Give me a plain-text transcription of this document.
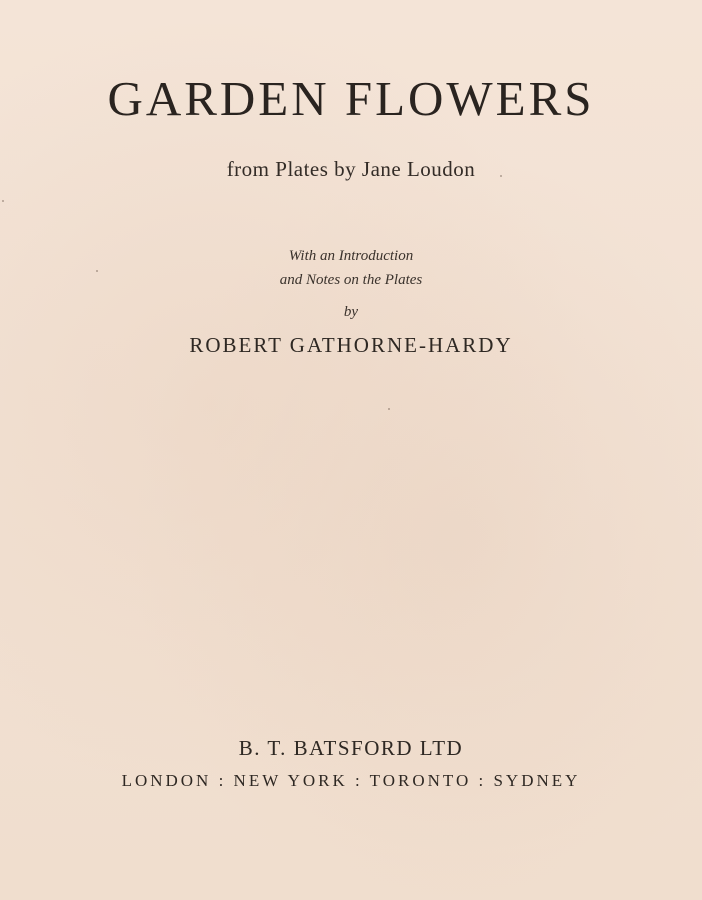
GARDEN FLOWERS
from Plates by Jane Loudon
With an Introduction
and Notes on the Plates
by
ROBERT GATHORNE-HARDY
B. T. BATSFORD LTD
LONDON : NEW YORK : TORONTO : SYDNEY
